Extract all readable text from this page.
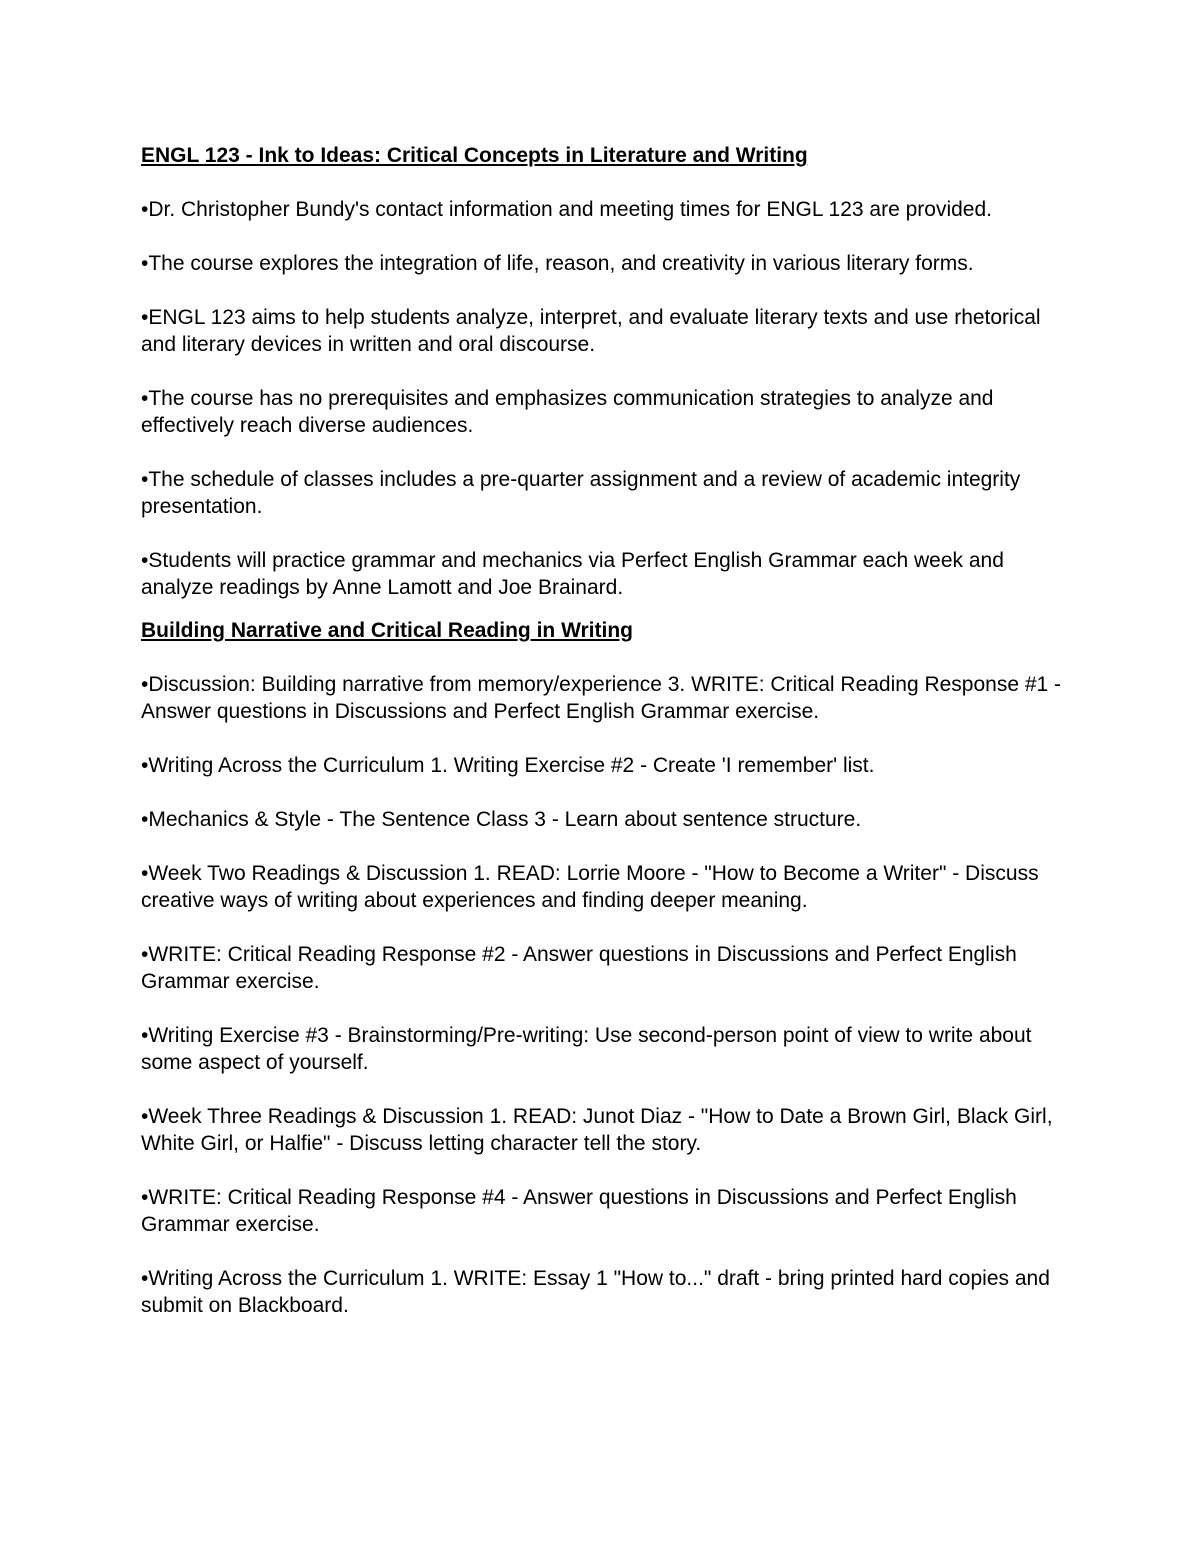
ENGL 123 - Ink to Ideas: Critical Concepts in Literature and Writing

•Dr. Christopher Bundy's contact information and meeting times for ENGL 123 are provided.

•The course explores the integration of life, reason, and creativity in various literary forms.

•ENGL 123 aims to help students analyze, interpret, and evaluate literary texts and use rhetorical and literary devices in written and oral discourse.

•The course has no prerequisites and emphasizes communication strategies to analyze and effectively reach diverse audiences.

•The schedule of classes includes a pre-quarter assignment and a review of academic integrity presentation.

•Students will practice grammar and mechanics via Perfect English Grammar each week and analyze readings by Anne Lamott and Joe Brainard.

Building Narrative and Critical Reading in Writing

•Discussion: Building narrative from memory/experience 3. WRITE: Critical Reading Response #1 - Answer questions in Discussions and Perfect English Grammar exercise.

•Writing Across the Curriculum 1. Writing Exercise #2 - Create 'I remember' list.

•Mechanics & Style - The Sentence Class 3 - Learn about sentence structure.

•Week Two Readings & Discussion 1. READ: Lorrie Moore - "How to Become a Writer" - Discuss creative ways of writing about experiences and finding deeper meaning.

•WRITE: Critical Reading Response #2 - Answer questions in Discussions and Perfect English Grammar exercise.

•Writing Exercise #3 - Brainstorming/Pre-writing: Use second-person point of view to write about some aspect of yourself.

•Week Three Readings & Discussion 1. READ: Junot Diaz - "How to Date a Brown Girl, Black Girl, White Girl, or Halfie" - Discuss letting character tell the story.

•WRITE: Critical Reading Response #4 - Answer questions in Discussions and Perfect English Grammar exercise.

•Writing Across the Curriculum 1. WRITE: Essay 1 "How to..." draft - bring printed hard copies and submit on Blackboard.
